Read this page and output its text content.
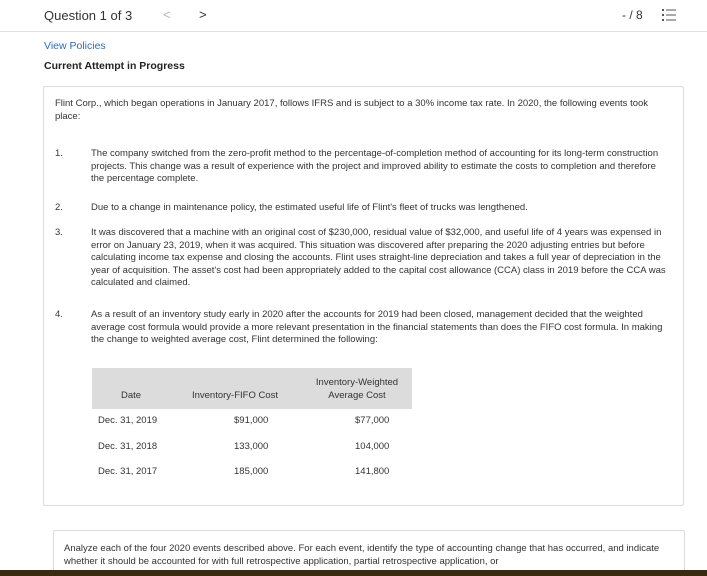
Question 1 of 3 < >	- / 8
View Policies
Current Attempt in Progress
Flint Corp., which began operations in January 2017, follows IFRS and is subject to a 30% income tax rate. In 2020, the following events took place:
1.	The company switched from the zero-profit method to the percentage-of-completion method of accounting for its long-term construction projects. This change was a result of experience with the project and improved ability to estimate the costs to completion and therefore the percentage complete.
2.	Due to a change in maintenance policy, the estimated useful life of Flint's fleet of trucks was lengthened.
3.	It was discovered that a machine with an original cost of $230,000, residual value of $32,000, and useful life of 4 years was expensed in error on January 23, 2019, when it was acquired. This situation was discovered after preparing the 2020 adjusting entries but before calculating income tax expense and closing the accounts. Flint uses straight-line depreciation and takes a full year of depreciation in the year of acquisition. The asset's cost had been appropriately added to the capital cost allowance (CCA) class in 2019 before the CCA was calculated and claimed.
4.	As a result of an inventory study early in 2020 after the accounts for 2019 had been closed, management decided that the weighted average cost formula would provide a more relevant presentation in the financial statements than does the FIFO cost formula. In making the change to weighted average cost, Flint determined the following:
Date	Inventory-FIFO Cost
Inventory-Weighted
Average Cost
Dec. 31, 2019	$91,000	$77,000
Dec. 31, 2018	133,000	104,000
Dec. 31, 2017	185,000	141,800
Analyze each of the four 2020 events described above. For each event, identify the type of accounting change that has occurred, and indicate whether it should be accounted for with full retrospective application, partial retrospective application, or
